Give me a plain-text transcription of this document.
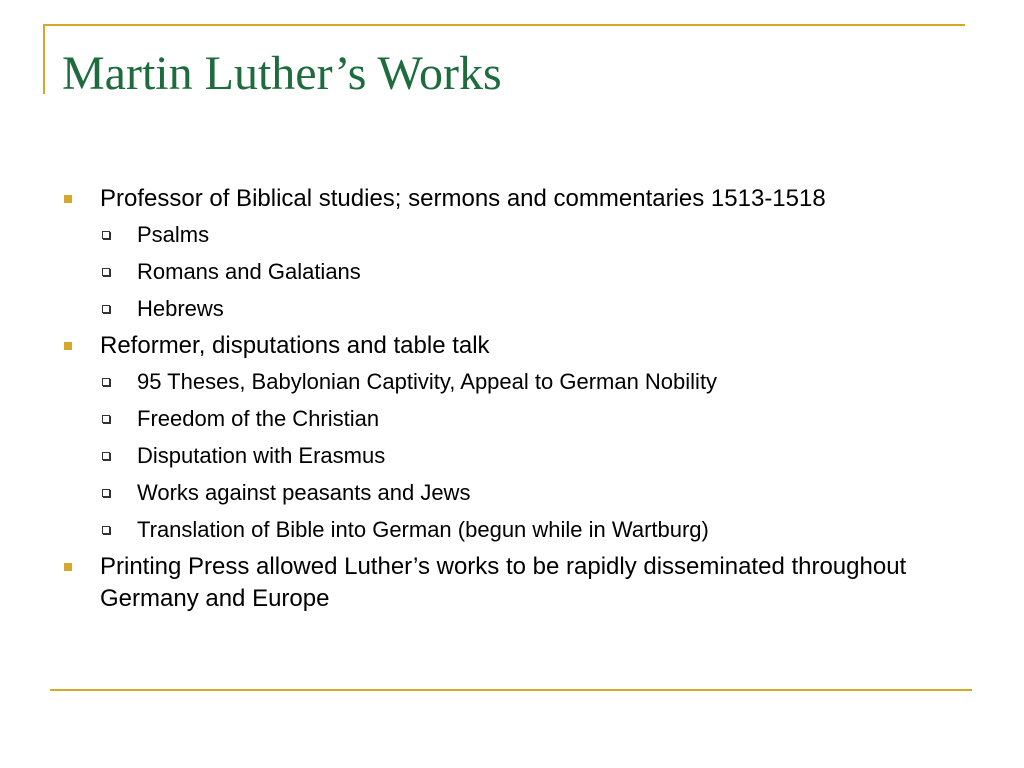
Martin Luther’s Works
Professor of Biblical studies; sermons and commentaries 1513-1518
Psalms
Romans and Galatians
Hebrews
Reformer, disputations and table talk
95 Theses, Babylonian Captivity, Appeal to German Nobility
Freedom of the Christian
Disputation with Erasmus
Works against peasants and Jews
Translation of Bible into German (begun while in Wartburg)
Printing Press allowed Luther’s works to be rapidly disseminated throughout Germany and Europe
